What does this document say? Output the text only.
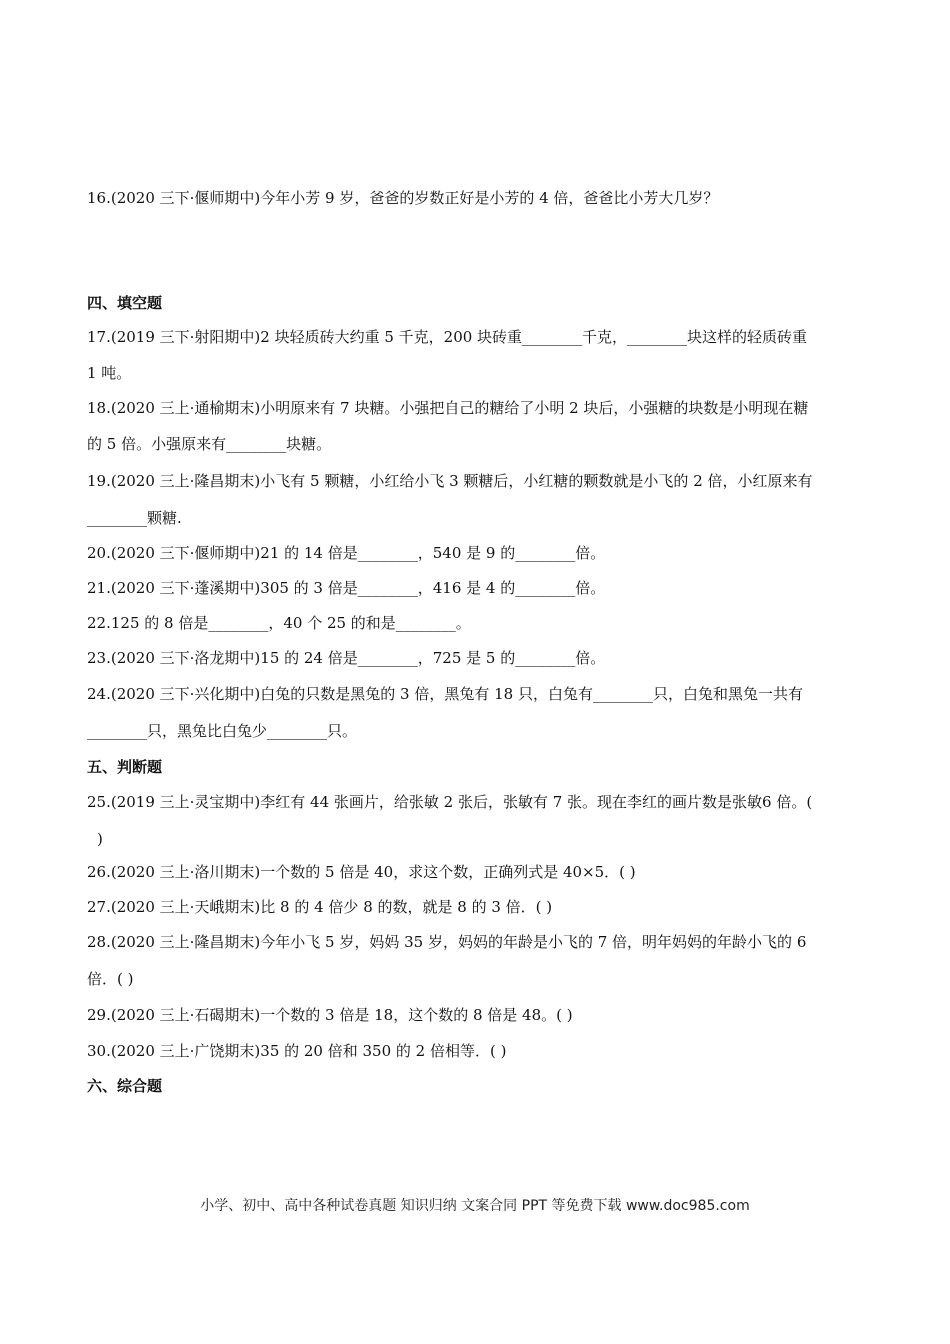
16.(2020 三下·偃师期中)今年小芳 9 岁，爸爸的岁数正好是小芳的 4 倍，爸爸比小芳大几岁？
四、填空题
17.(2019 三下·射阳期中)2 块轻质砖大约重 5 千克，200 块砖重________千克，________块这样的轻质砖重
1 吨。
18.(2020 三上·通榆期末)小明原来有 7 块糖。小强把自己的糖给了小明 2 块后，小强糖的块数是小明现在糖
的 5 倍。小强原来有________块糖。
19.(2020 三上·隆昌期末)小飞有 5 颗糖，小红给小飞 3 颗糖后，小红糖的颗数就是小飞的 2 倍，小红原来有
________颗糖.
20.(2020 三下·偃师期中)21 的 14 倍是________，540 是 9 的________倍。
21.(2020 三下·蓬溪期中)305 的 3 倍是________，416 是 4 的________倍。
22.125 的 8 倍是________，40 个 25 的和是________。
23.(2020 三下·洛龙期中)15 的 24 倍是________，725 是 5 的________倍。
24.(2020 三下·兴化期中)白兔的只数是黑兔的 3 倍，黑兔有 18 只，白兔有________只，白兔和黑兔一共有
________只，黑兔比白兔少________只。
五、判断题
25.(2019 三上·灵宝期中)李红有 44 张画片，给张敏 2 张后，张敏有 7 张。现在李红的画片数是张敏6 倍。(
)
26.(2020 三上·洛川期末)一个数的 5 倍是 40，求这个数，正确列式是 40×5．( )
27.(2020 三上·天峨期末)比 8 的 4 倍少 8 的数，就是 8 的 3 倍．( )
28.(2020 三上·隆昌期末)今年小飞 5 岁，妈妈 35 岁，妈妈的年龄是小飞的 7 倍，明年妈妈的年龄小飞的 6
倍．( )
29.(2020 三上·石碣期末)一个数的 3 倍是 18，这个数的 8 倍是 48。( )
30.(2020 三上·广饶期末)35 的 20 倍和 350 的 2 倍相等．( )
六、综合题
小学、初中、高中各种试卷真题 知识归纳 文案合同 PPT 等免费下载 www.doc985.com
